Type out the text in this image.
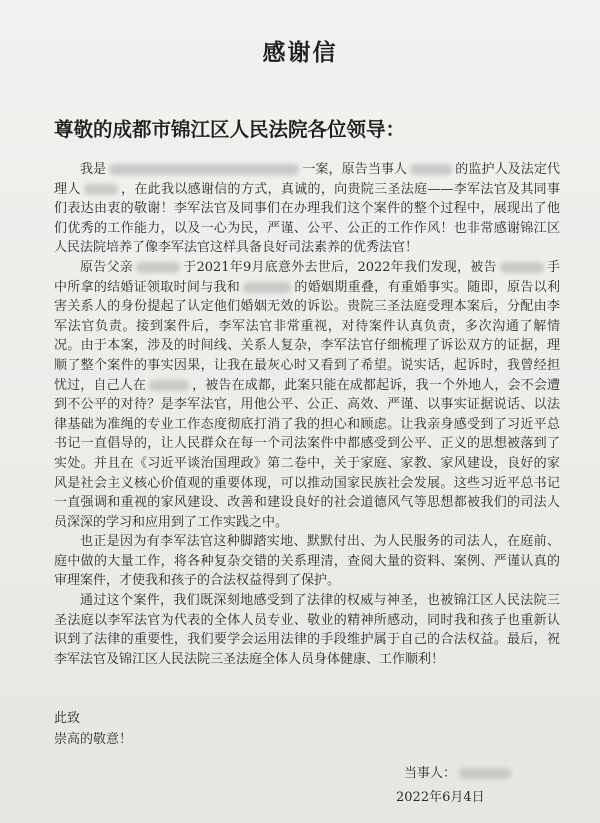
感谢信
尊敬的成都市锦江区人民法院各位领导：

我是	一案，原告当事人	的监护人及法定代理人	，在此我以感谢信的方式，真诚的，向贵院三圣法庭——李军法官及其同事们表达由衷的敬谢！李军法官及同事们在办理我们这个案件的整个过程中，展现出了他们优秀的工作能力，以及一心为民，严谨、公平、公正的工作作风！也非常感谢锦江区人民法院培养了像李军法官这样具备良好司法素养的优秀法官！

原告父亲	于2021年9月底意外去世后，2022年我们发现，被告	手中所拿的结婚证领取时间与我和	的婚姻期重叠，有重婚事实。随即，原告以利害关系人的身份提起了认定他们婚姻无效的诉讼。贵院三圣法庭受理本案后，分配由李军法官负责。接到案件后，李军法官非常重视，对待案件认真负责，多次沟通了解情况。由于本案，涉及的时间线、关系人复杂，李军法官仔细梳理了诉讼双方的证据，理顺了整个案件的事实因果，让我在最灰心时又看到了希望。说实话，起诉时，我曾经担忧过，自己人在	，被告在成都，此案只能在成都起诉，我一个外地人，会不会遭到不公平的对待？是李军法官，用他公平、公正、高效、严谨、以事实证据说话、以法律基础为准绳的专业工作态度彻底打消了我的担心和顾虑。让我亲身感受到了习近平总书记一直倡导的，让人民群众在每一个司法案件中都感受到公平、正义的思想被落到了实处。并且在《习近平谈治国理政》第二卷中，关于家庭、家教、家风建设，良好的家风是社会主义核心价值观的重要体现，可以推动国家民族社会发展。这些习近平总书记一直强调和重视的家风建设、改善和建设良好的社会道德风气等思想都被我们的司法人员深深的学习和应用到了工作实践之中。

也正是因为有李军法官这种脚踏实地、默默付出、为人民服务的司法人，在庭前、庭中做的大量工作，将各种复杂交错的关系理清，查阅大量的资料、案例、严谨认真的审理案件，才使我和孩子的合法权益得到了保护。

通过这个案件，我们既深刻地感受到了法律的权威与神圣，也被锦江区人民法院三圣法庭以李军法官为代表的全体人员专业、敬业的精神所感动，同时我和孩子也重新认识到了法律的重要性，我们要学会运用法律的手段维护属于自己的合法权益。最后，祝李军法官及锦江区人民法院三圣法庭全体人员身体健康、工作顺利！

此致
崇高的敬意！
当事人：
2022年6月4日
